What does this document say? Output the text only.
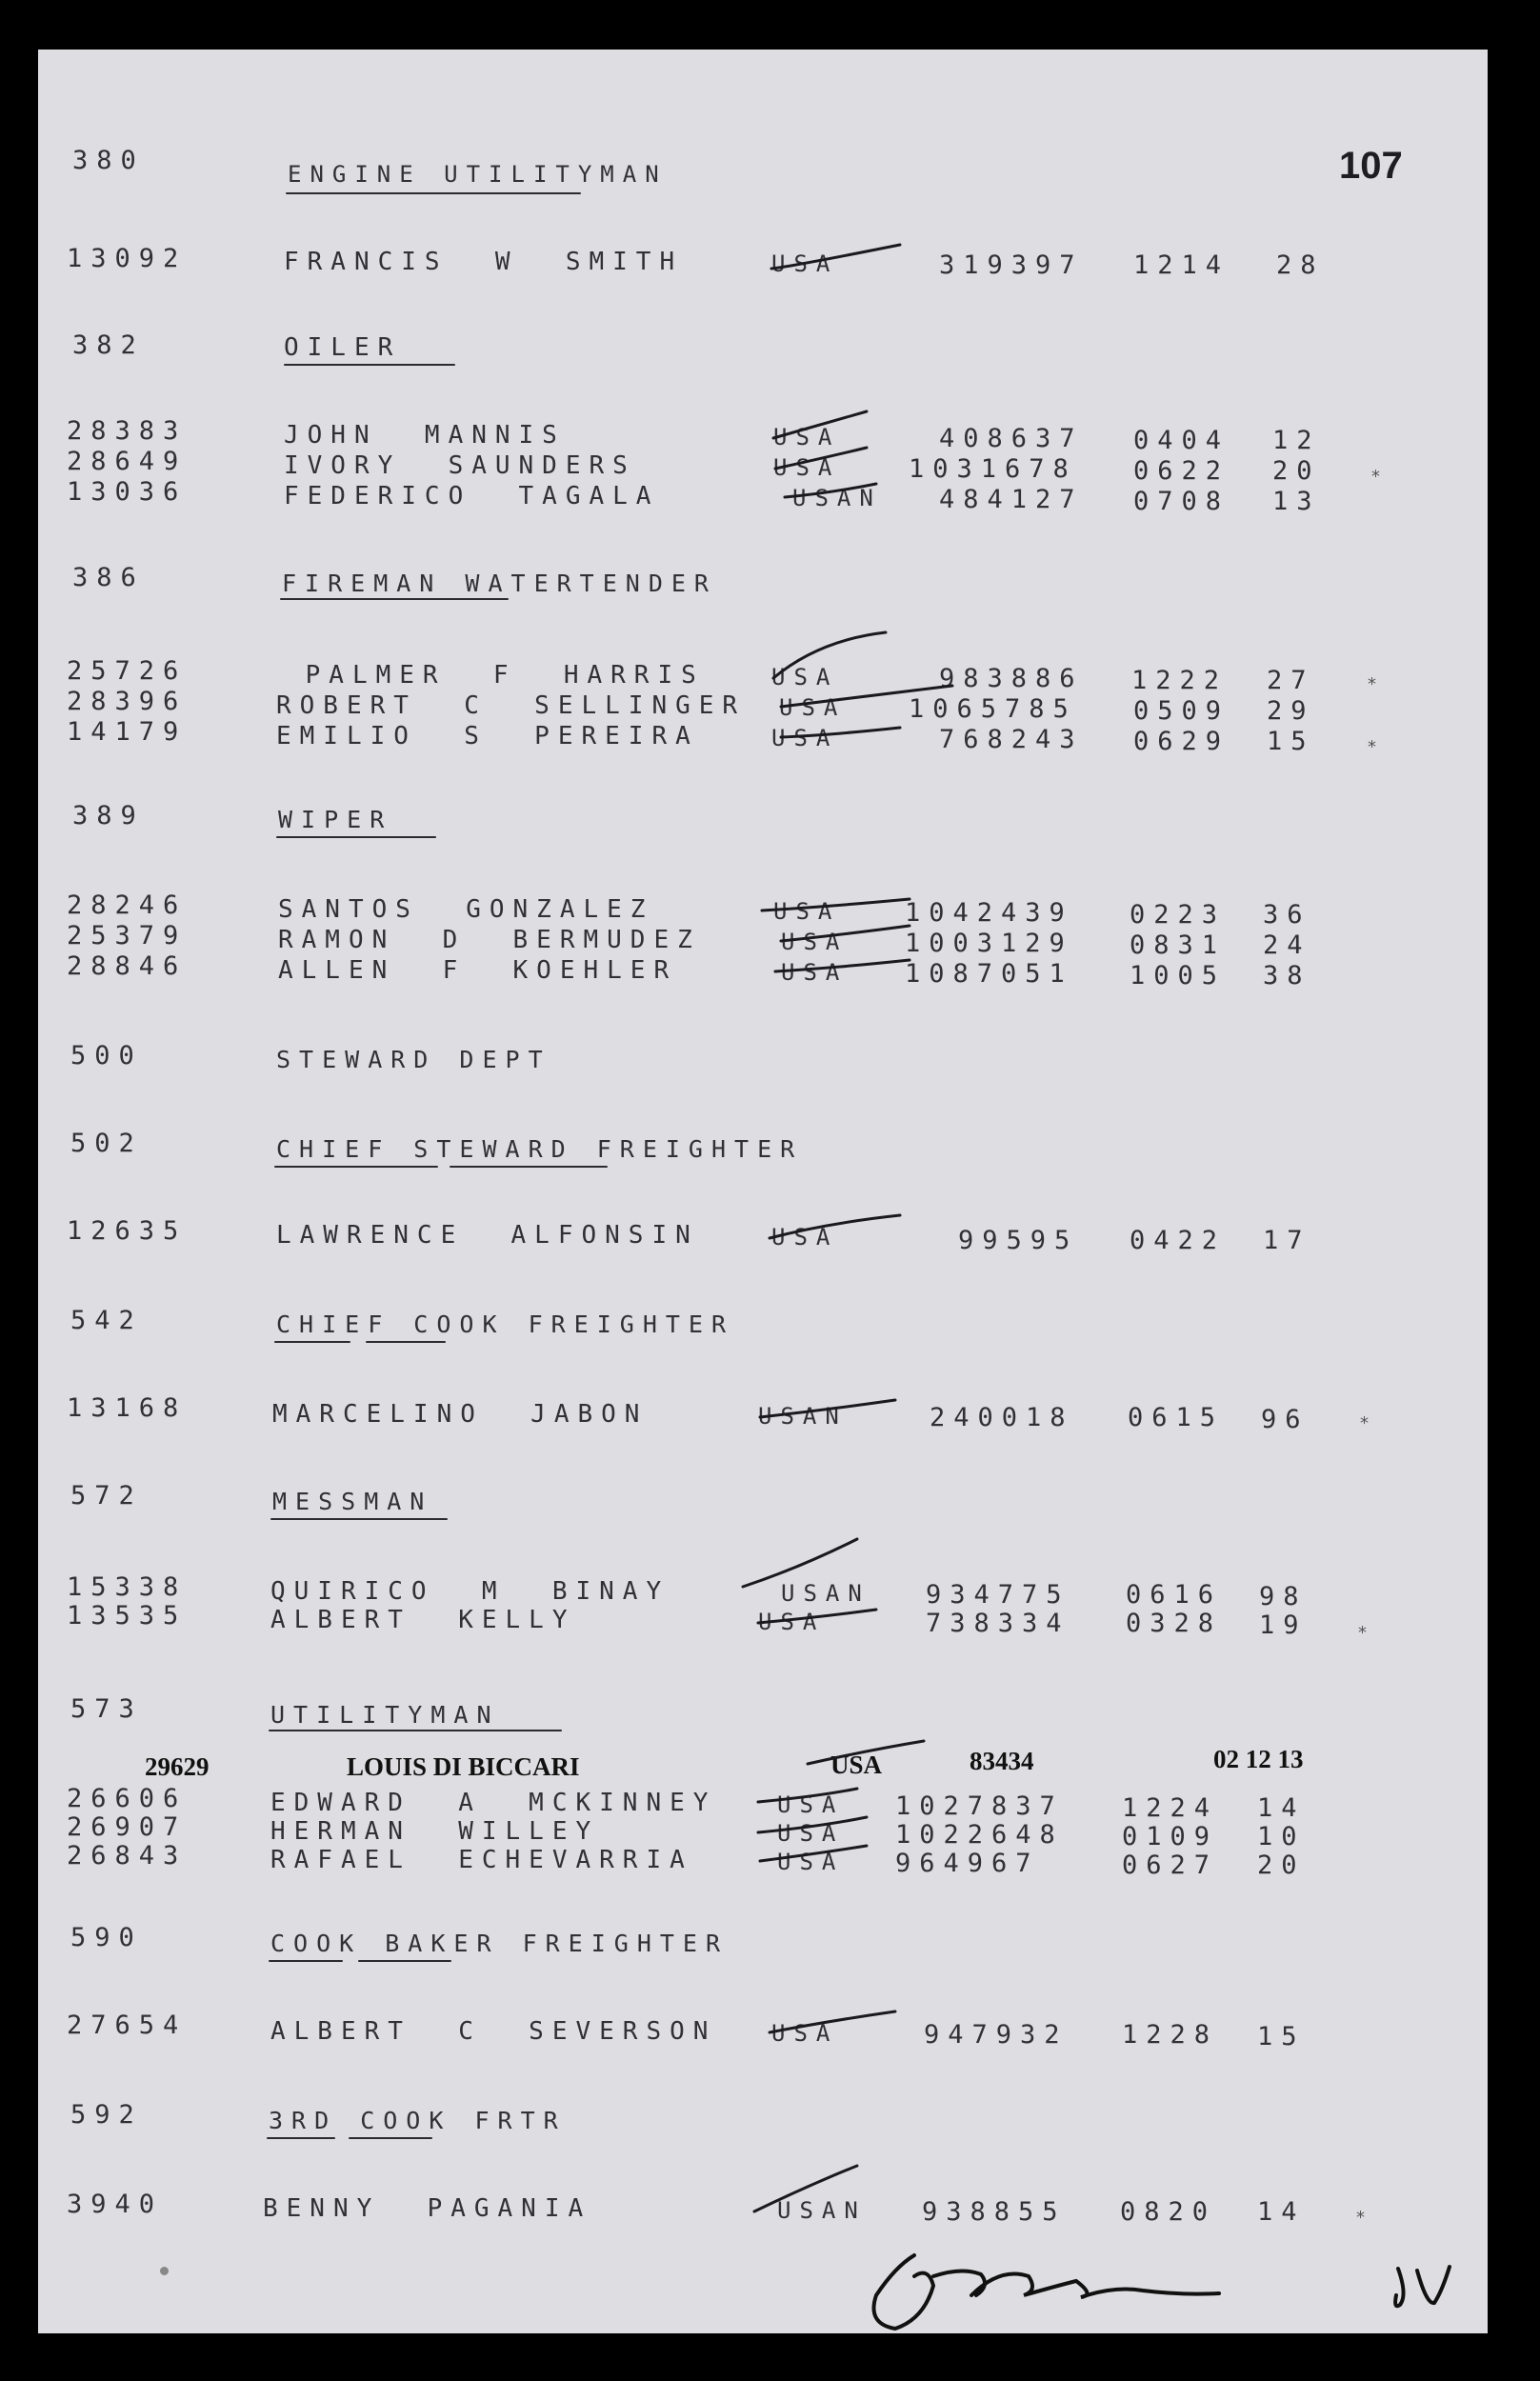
107
380	ENGINE UTILITYMAN
13092	FRANCIS  W  SMITH	USA	319397 1214 28
382	OILER
28383	JOHN  MANNIS	USA	408637 0404 12
28649	IVORY  SAUNDERS	USA	1031678 0622 20	*
13036	FEDERICO  TAGALA	USAN 484127 0708 13
386	FIREMAN WATERTENDER
25726	PALMER  F  HARRIS	USA	983886 1222 27	*
28396	ROBERT  C  SELLINGER USA 1065785 0509 29
14179	EMILIO  S  PEREIRA	USA	768243 0629 15	*
389	WIPER
28246	SANTOS  GONZALEZ	USA	1042439 0223 36
25379	RAMON  D  BERMUDEZ	USA 1003129 0831 24
28846	ALLEN  F  KOEHLER	USA 1087051 1005 38
500	STEWARD DEPT
502	CHIEF STEWARD FREIGHTER
12635	LAWRENCE  ALFONSIN	USA	99595 0422 17
542	CHIEF COOK FREIGHTER
13168	MARCELINO  JABON	USAN	240018 0615 96	*
572	MESSMAN
15338	QUIRICO  M  BINAY	USAN 934775 0616 98
13535	ALBERT  KELLY	USA	738334 0328 19	*
573	UTILITYMAN
29629	LOUIS DI BICCARI	USA	83434	02 12 13
26606	EDWARD  A  MCKINNEY	USA 1027837 1224 14
26907	HERMAN  WILLEY	USA 1022648 0109 10
26843	RAFAEL  ECHEVARRIA	USA 964967	0627 20
590	COOK BAKER FREIGHTER
27654	ALBERT  C  SEVERSON USA	947932 1228 15
592	3RD COOK FRTR
3940	BENNY  PAGANIA	USAN 938855 0820 14	*
